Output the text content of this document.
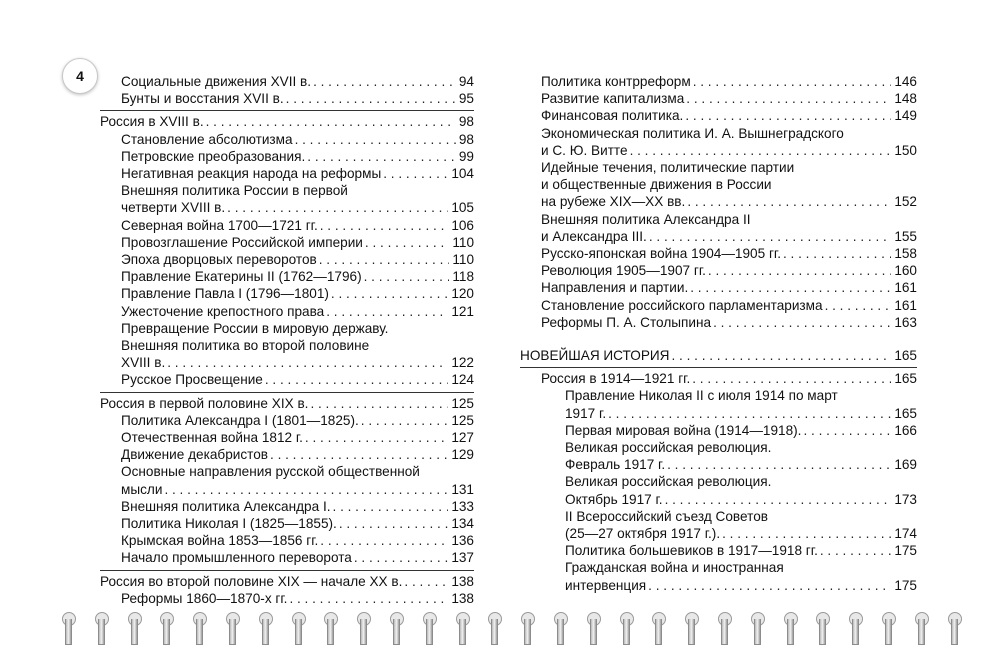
4	Социальные движения XVII в. . . .	94
Бунты и восстания XVII в. . . .	95
Россия в XVIII в. . . .	98
Становление абсолютизма . . .	98
Петровские преобразования. . . .	99
Негативная реакция народа на реформы . . .	104
Внешняя политика России в первой
четверти XVIII в. . . .	105
Северная война 1700—1721 гг. . . .	106
Провозглашение Российской империи . . .	110
Эпоха дворцовых переворотов . . .	110
Правление Екатерины II (1762—1796) . . .	118
Правление Павла I (1796—1801) . . .	120
Ужесточение крепостного права . . .	121
Превращение России в мировую державу.
Внешняя политика во второй половине
XVIII в. . . .	122
Русское Просвещение . . .	124
Россия в первой половине XIX в. . . .	125
Политика Александра I (1801—1825). . . .	125
Отечественная война 1812 г. . . .	127
Движение декабристов . . .	129
Основные направления русской общественной
мысли . . .	131
Внешняя политика Александра I. . . .	133
Политика Николая I (1825—1855). . . .	134
Крымская война 1853—1856 гг. . . .	136
Начало промышленного переворота . . .	137
Россия во второй половине XIX — начале XX в. . . .	138
Реформы 1860—1870-х гг. . . .	138
Политика контрреформ . . .	146
Развитие капитализма . . .	148
Финансовая политика. . . .	149
Экономическая политика И. А. Вышнеградского
и С. Ю. Витте . . .	150
Идейные течения, политические партии
и общественные движения в России
на рубеже XIX—XX вв. . . .	152
Внешняя политика Александра II
и Александра III. . . .	155
Русско-японская война 1904—1905 гг. . . .	158
Революция 1905—1907 гг. . . .	160
Направления и партии. . . .	161
Становление российского парламентаризма . . .	161
Реформы П. А. Столыпина . . .	163
НОВЕЙШАЯ ИСТОРИЯ . . .	165
Россия в 1914—1921 гг. . . .	165
Правление Николая II с июля 1914 по март
1917 г. . . .	165
Первая мировая война (1914—1918). . . .	166
Великая российская революция.
Февраль 1917 г. . . .	169
Великая российская революция.
Октябрь 1917 г. . . .	173
II Всероссийский съезд Советов
(25—27 октября 1917 г.). . . .	174
Политика большевиков в 1917—1918 гг. . . .	175
Гражданская война и иностранная
интервенция . . .	175
